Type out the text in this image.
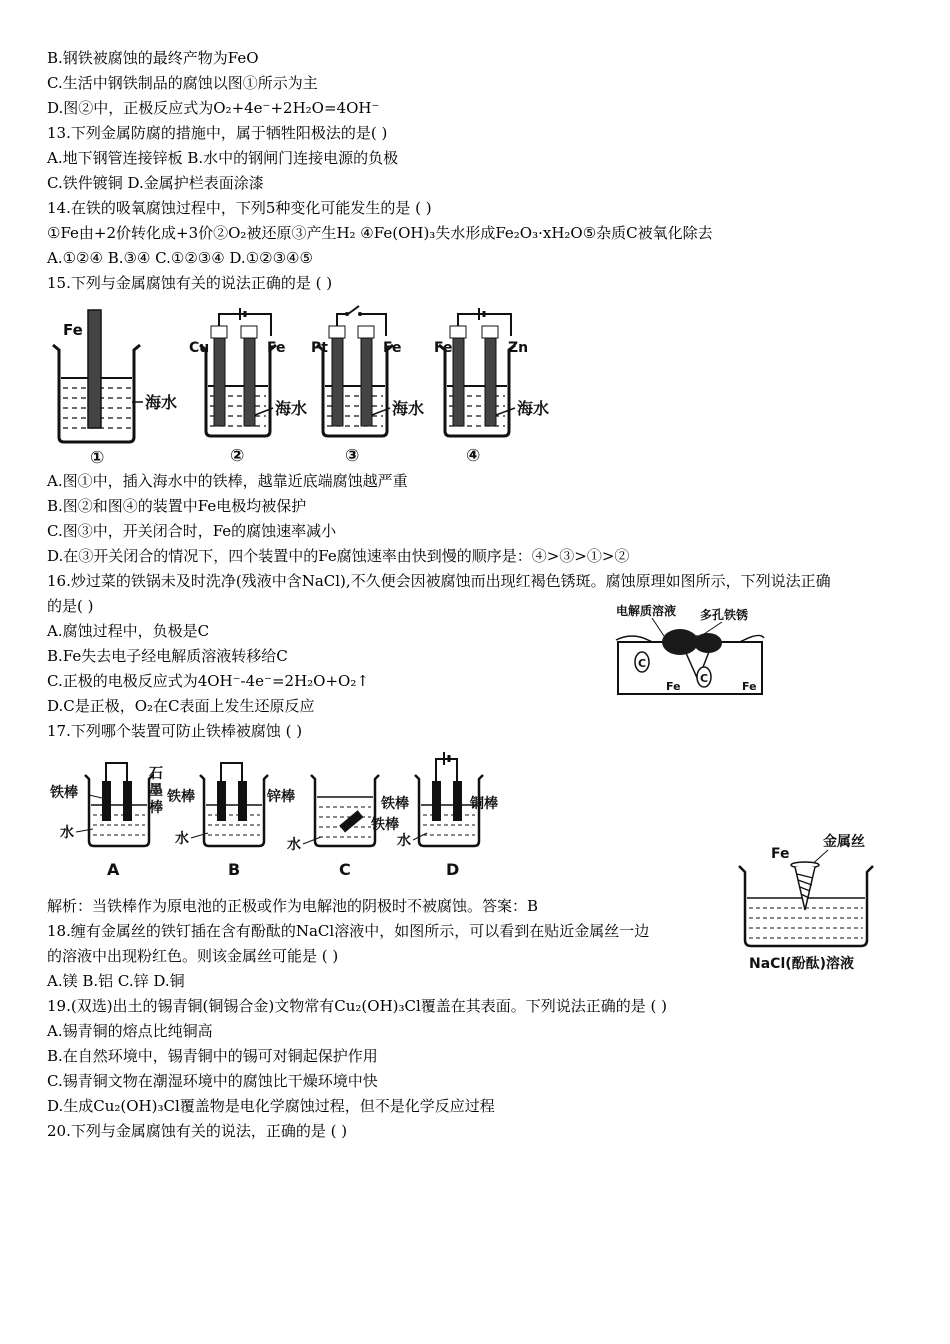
B.钢铁被腐蚀的最终产物为FeO
C.生活中钢铁制品的腐蚀以图①所示为主
D.图②中，正极反应式为O₂+4e⁻+2H₂O=4OH⁻
13.下列金属防腐的措施中，属于牺牲阳极法的是( )
A.地下钢管连接锌板 B.水中的钢闸门连接电源的负极
C.铁件镀铜 D.金属护栏表面涂漆
14.在铁的吸氧腐蚀过程中，下列5种变化可能发生的是 ( )
①Fe由+2价转化成+3价②O₂被还原③产生H₂ ④Fe(OH)₃失水形成Fe₂O₃·xH₂O⑤杂质C被氧化除去
A.①②④ B.③④ C.①②③④ D.①②③④⑤
15.下列与金属腐蚀有关的说法正确的是 ( )
Fe
海水
①
Cu	Fe
海水
②
Pt	Fe
海水
③
Fe	Zn
海水
④
A.图①中，插入海水中的铁棒，越靠近底端腐蚀越严重
B.图②和图④的装置中Fe电极均被保护
C.图③中，开关闭合时，Fe的腐蚀速率减小
D.在③开关闭合的情况下，四个装置中的Fe腐蚀速率由快到慢的顺序是：④>③>①>②
16.炒过菜的铁锅未及时洗净(残液中含NaCl),不久便会因被腐蚀而出现红褐色锈斑。腐蚀原理如图所示，下列说法正确
的是( )
A.腐蚀过程中，负极是C
B.Fe失去电子经电解质溶液转移给C
C.正极的电极反应式为4OH⁻-4e⁻=2H₂O+O₂↑
D.C是正极，O₂在C表面上发生还原反应
电解质溶液 多孔铁锈
C
C
Fe	Fe
17.下列哪个装置可防止铁棒被腐蚀 ( )
铁棒
石
墨
棒
水
A
铁棒	锌棒
水
B
铁棒
水
C
铁棒	铜棒
水
D
Fe
金属丝
NaCl(酚酞)溶液
解析：当铁棒作为原电池的正极或作为电解池的阴极时不被腐蚀。答案：B
18.缠有金属丝的铁钉插在含有酚酞的NaCl溶液中，如图所示，可以看到在贴近金属丝一边
的溶液中出现粉红色。则该金属丝可能是 ( )
A.镁 B.铝 C.锌 D.铜
19.(双选)出土的锡青铜(铜锡合金)文物常有Cu₂(OH)₃Cl覆盖在其表面。下列说法正确的是 ( )
A.锡青铜的熔点比纯铜高
B.在自然环境中，锡青铜中的锡可对铜起保护作用
C.锡青铜文物在潮湿环境中的腐蚀比干燥环境中快
D.生成Cu₂(OH)₃Cl覆盖物是电化学腐蚀过程，但不是化学反应过程
20.下列与金属腐蚀有关的说法，正确的是 ( )
